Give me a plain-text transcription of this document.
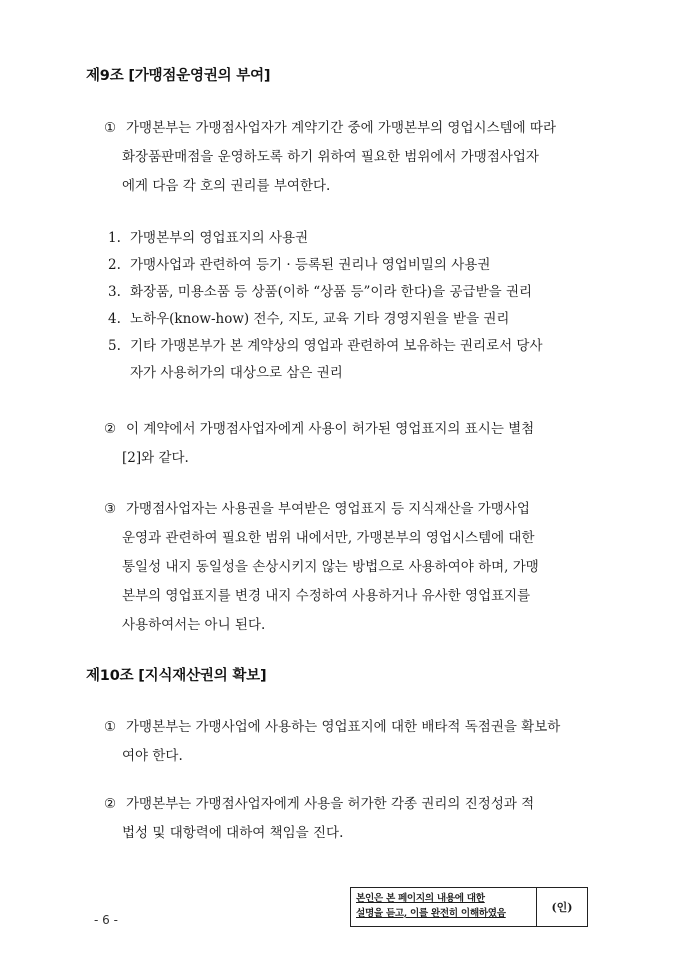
제9조 [가맹점운영권의 부여]
① 가맹본부는 가맹점사업자가 계약기간 중에 가맹본부의 영업시스템에 따라
화장품판매점을 운영하도록 하기 위하여 필요한 범위에서 가맹점사업자
에게 다음 각 호의 권리를 부여한다.
1. 가맹본부의 영업표지의 사용권
2. 가맹사업과 관련하여 등기 · 등록된 권리나 영업비밀의 사용권
3. 화장품, 미용소품 등 상품(이하 “상품 등”이라 한다)을 공급받을 권리
4. 노하우(know-how) 전수, 지도, 교육 기타 경영지원을 받을 권리
5. 기타 가맹본부가 본 계약상의 영업과 관련하여 보유하는 권리로서 당사
자가 사용허가의 대상으로 삼은 권리
② 이 계약에서 가맹점사업자에게 사용이 허가된 영업표지의 표시는 별첨
[2]와 같다.
③ 가맹점사업자는 사용권을 부여받은 영업표지 등 지식재산을 가맹사업
운영과 관련하여 필요한 범위 내에서만, 가맹본부의 영업시스템에 대한
통일성 내지 동일성을 손상시키지 않는 방법으로 사용하여야 하며, 가맹
본부의 영업표지를 변경 내지 수정하여 사용하거나 유사한 영업표지를
사용하여서는 아니 된다.
제10조 [지식재산권의 확보]
① 가맹본부는 가맹사업에 사용하는 영업표지에 대한 배타적 독점권을 확보하
여야 한다.
② 가맹본부는 가맹점사업자에게 사용을 허가한 각종 권리의 진정성과 적
법성 및 대항력에 대하여 책임을 진다.
- 6 -
본인은 본 페이지의 내용에 대한
설명을 듣고, 이를 완전히 이해하였음	(인)
